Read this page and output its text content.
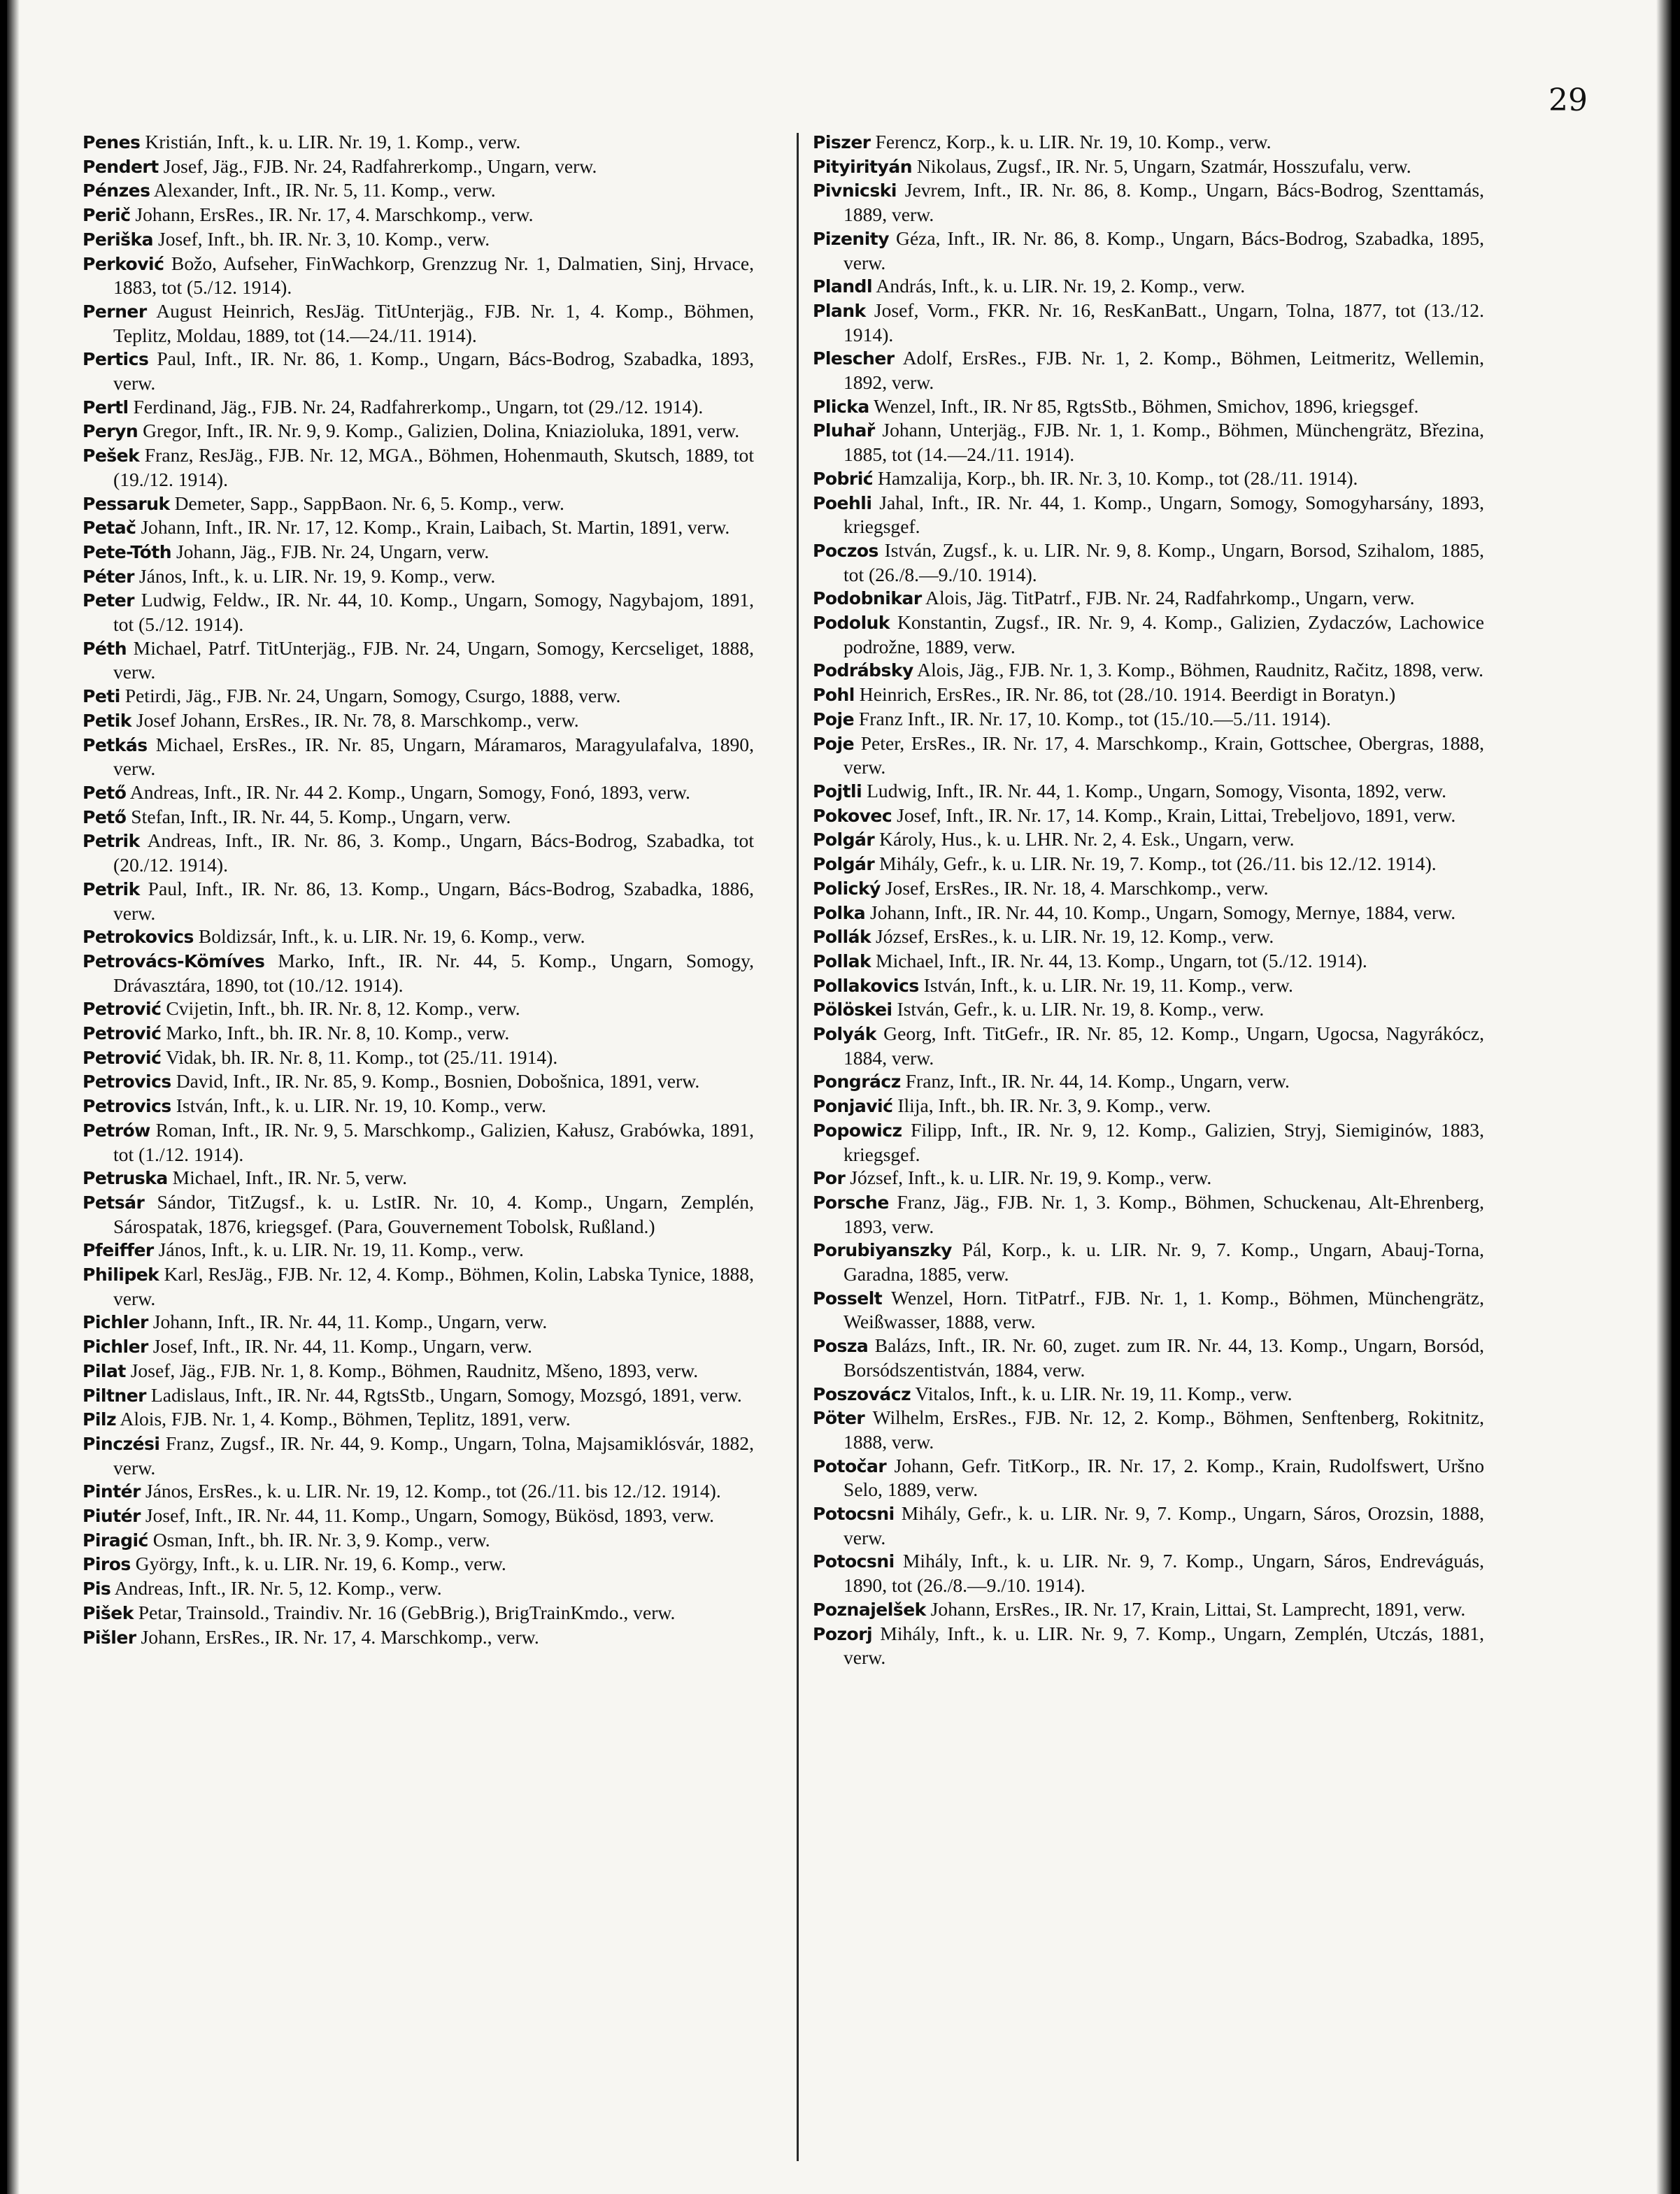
29

Penes Kristián, Inft., k. u. LIR. Nr. 19, 1. Komp., verw.

Pendert Josef, Jäg., FJB. Nr. 24, Radfahrerkomp., Ungarn, verw.

Pénzes Alexander, Inft., IR. Nr. 5, 11. Komp., verw.

Perič Johann, ErsRes., IR. Nr. 17, 4. Marschkomp., verw.

Periška Josef, Inft., bh. IR. Nr. 3, 10. Komp., verw.

Perković Božo, Aufseher, FinWachkorp, Grenzzug Nr. 1, Dalmatien, Sinj, Hrvace, 1883, tot (5./12. 1914).

Perner August Heinrich, ResJäg. TitUnterjäg., FJB. Nr. 1, 4. Komp., Böhmen, Teplitz, Moldau, 1889, tot (14.—24./11. 1914).

Pertics Paul, Inft., IR. Nr. 86, 1. Komp., Ungarn, Bács-Bodrog, Szabadka, 1893, verw.

Pertl Ferdinand, Jäg., FJB. Nr. 24, Radfahrerkomp., Ungarn, tot (29./12. 1914).

Peryn Gregor, Inft., IR. Nr. 9, 9. Komp., Galizien, Dolina, Kniazioluka, 1891, verw.

Pešek Franz, ResJäg., FJB. Nr. 12, MGA., Böhmen, Hohenmauth, Skutsch, 1889, tot (19./12. 1914).

Pessaruk Demeter, Sapp., SappBaon. Nr. 6, 5. Komp., verw.

Petač Johann, Inft., IR. Nr. 17, 12. Komp., Krain, Laibach, St. Martin, 1891, verw.

Pete-Tóth Johann, Jäg., FJB. Nr. 24, Ungarn, verw.

Péter János, Inft., k. u. LIR. Nr. 19, 9. Komp., verw.

Peter Ludwig, Feldw., IR. Nr. 44, 10. Komp., Ungarn, Somogy, Nagybajom, 1891, tot (5./12. 1914).

Péth Michael, Patrf. TitUnterjäg., FJB. Nr. 24, Ungarn, Somogy, Kercseliget, 1888, verw.

Peti Petirdi, Jäg., FJB. Nr. 24, Ungarn, Somogy, Csurgo, 1888, verw.

Petik Josef Johann, ErsRes., IR. Nr. 78, 8. Marschkomp., verw.

Petkás Michael, ErsRes., IR. Nr. 85, Ungarn, Máramaros, Maragyulafalva, 1890, verw.

Pető Andreas, Inft., IR. Nr. 44 2. Komp., Ungarn, Somogy, Fonó, 1893, verw.

Pető Stefan, Inft., IR. Nr. 44, 5. Komp., Ungarn, verw.

Petrik Andreas, Inft., IR. Nr. 86, 3. Komp., Ungarn, Bács-Bodrog, Szabadka, tot (20./12. 1914).

Petrik Paul, Inft., IR. Nr. 86, 13. Komp., Ungarn, Bács-Bodrog, Szabadka, 1886, verw.

Petrokovics Boldizsár, Inft., k. u. LIR. Nr. 19, 6. Komp., verw.

Petrovács-Kömíves Marko, Inft., IR. Nr. 44, 5. Komp., Ungarn, Somogy, Drávasztára, 1890, tot (10./12. 1914).

Petrović Cvijetin, Inft., bh. IR. Nr. 8, 12. Komp., verw.

Petrović Marko, Inft., bh. IR. Nr. 8, 10. Komp., verw.

Petrović Vidak, bh. IR. Nr. 8, 11. Komp., tot (25./11. 1914).

Petrovics David, Inft., IR. Nr. 85, 9. Komp., Bosnien, Dobošnica, 1891, verw.

Petrovics István, Inft., k. u. LIR. Nr. 19, 10. Komp., verw.

Petrów Roman, Inft., IR. Nr. 9, 5. Marschkomp., Galizien, Kałusz, Grabówka, 1891, tot (1./12. 1914).

Petruska Michael, Inft., IR. Nr. 5, verw.

Petsár Sándor, TitZugsf., k. u. LstIR. Nr. 10, 4. Komp., Ungarn, Zemplén, Sárospatak, 1876, kriegsgef. (Para, Gouvernement Tobolsk, Rußland.)

Pfeiffer János, Inft., k. u. LIR. Nr. 19, 11. Komp., verw.

Philipek Karl, ResJäg., FJB. Nr. 12, 4. Komp., Böhmen, Kolin, Labska Tynice, 1888, verw.

Pichler Johann, Inft., IR. Nr. 44, 11. Komp., Ungarn, verw.

Pichler Josef, Inft., IR. Nr. 44, 11. Komp., Ungarn, verw.

Pilat Josef, Jäg., FJB. Nr. 1, 8. Komp., Böhmen, Raudnitz, Mšeno, 1893, verw.

Piltner Ladislaus, Inft., IR. Nr. 44, RgtsStb., Ungarn, Somogy, Mozsgó, 1891, verw.

Pilz Alois, FJB. Nr. 1, 4. Komp., Böhmen, Teplitz, 1891, verw.

Pinczési Franz, Zugsf., IR. Nr. 44, 9. Komp., Ungarn, Tolna, Majsamiklósvár, 1882, verw.

Pintér János, ErsRes., k. u. LIR. Nr. 19, 12. Komp., tot (26./11. bis 12./12. 1914).

Piutér Josef, Inft., IR. Nr. 44, 11. Komp., Ungarn, Somogy, Bükösd, 1893, verw.

Piragić Osman, Inft., bh. IR. Nr. 3, 9. Komp., verw.

Piros György, Inft., k. u. LIR. Nr. 19, 6. Komp., verw.

Pis Andreas, Inft., IR. Nr. 5, 12. Komp., verw.

Pišek Petar, Trainsold., Traindiv. Nr. 16 (GebBrig.), BrigTrainKmdo., verw.

Pišler Johann, ErsRes., IR. Nr. 17, 4. Marschkomp., verw.

Piszer Ferencz, Korp., k. u. LIR. Nr. 19, 10. Komp., verw.

Pityirityán Nikolaus, Zugsf., IR. Nr. 5, Ungarn, Szatmár, Hosszufalu, verw.

Pivnicski Jevrem, Inft., IR. Nr. 86, 8. Komp., Ungarn, Bács-Bodrog, Szenttamás, 1889, verw.

Pizenity Géza, Inft., IR. Nr. 86, 8. Komp., Ungarn, Bács-Bodrog, Szabadka, 1895, verw.

Plandl András, Inft., k. u. LIR. Nr. 19, 2. Komp., verw.

Plank Josef, Vorm., FKR. Nr. 16, ResKanBatt., Ungarn, Tolna, 1877, tot (13./12. 1914).

Plescher Adolf, ErsRes., FJB. Nr. 1, 2. Komp., Böhmen, Leitmeritz, Wellemin, 1892, verw.

Plicka Wenzel, Inft., IR. Nr 85, RgtsStb., Böhmen, Smichov, 1896, kriegsgef.

Pluhař Johann, Unterjäg., FJB. Nr. 1, 1. Komp., Böhmen, Münchengrätz, Březina, 1885, tot (14.—24./11. 1914).

Pobrić Hamzalija, Korp., bh. IR. Nr. 3, 10. Komp., tot (28./11. 1914).

Poehli Jahal, Inft., IR. Nr. 44, 1. Komp., Ungarn, Somogy, Somogyharsány, 1893, kriegsgef.

Poczos István, Zugsf., k. u. LIR. Nr. 9, 8. Komp., Ungarn, Borsod, Szihalom, 1885, tot (26./8.—9./10. 1914).

Podobnikar Alois, Jäg. TitPatrf., FJB. Nr. 24, Radfahrkomp., Ungarn, verw.

Podoluk Konstantin, Zugsf., IR. Nr. 9, 4. Komp., Galizien, Zydaczów, Lachowice podrožne, 1889, verw.

Podrábsky Alois, Jäg., FJB. Nr. 1, 3. Komp., Böhmen, Raudnitz, Račitz, 1898, verw.

Pohl Heinrich, ErsRes., IR. Nr. 86, tot (28./10. 1914. Beerdigt in Boratyn.)

Poje Franz Inft., IR. Nr. 17, 10. Komp., tot (15./10.—5./11. 1914).

Poje Peter, ErsRes., IR. Nr. 17, 4. Marschkomp., Krain, Gottschee, Obergras, 1888, verw.

Pojtli Ludwig, Inft., IR. Nr. 44, 1. Komp., Ungarn, Somogy, Visonta, 1892, verw.

Pokovec Josef, Inft., IR. Nr. 17, 14. Komp., Krain, Littai, Trebeljovo, 1891, verw.

Polgár Károly, Hus., k. u. LHR. Nr. 2, 4. Esk., Ungarn, verw.

Polgár Mihály, Gefr., k. u. LIR. Nr. 19, 7. Komp., tot (26./11. bis 12./12. 1914).

Polický Josef, ErsRes., IR. Nr. 18, 4. Marschkomp., verw.

Polka Johann, Inft., IR. Nr. 44, 10. Komp., Ungarn, Somogy, Mernye, 1884, verw.

Pollák József, ErsRes., k. u. LIR. Nr. 19, 12. Komp., verw.

Pollak Michael, Inft., IR. Nr. 44, 13. Komp., Ungarn, tot (5./12. 1914).

Pollakovics István, Inft., k. u. LIR. Nr. 19, 11. Komp., verw.

Pölöskei István, Gefr., k. u. LIR. Nr. 19, 8. Komp., verw.

Polyák Georg, Inft. TitGefr., IR. Nr. 85, 12. Komp., Ungarn, Ugocsa, Nagyrákócz, 1884, verw.

Pongrácz Franz, Inft., IR. Nr. 44, 14. Komp., Ungarn, verw.

Ponjavić Ilija, Inft., bh. IR. Nr. 3, 9. Komp., verw.

Popowicz Filipp, Inft., IR. Nr. 9, 12. Komp., Galizien, Stryj, Siemiginów, 1883, kriegsgef.

Por József, Inft., k. u. LIR. Nr. 19, 9. Komp., verw.

Porsche Franz, Jäg., FJB. Nr. 1, 3. Komp., Böhmen, Schuckenau, Alt-Ehrenberg, 1893, verw.

Porubiyanszky Pál, Korp., k. u. LIR. Nr. 9, 7. Komp., Ungarn, Abauj-Torna, Garadna, 1885, verw.

Posselt Wenzel, Horn. TitPatrf., FJB. Nr. 1, 1. Komp., Böhmen, Münchengrätz, Weißwasser, 1888, verw.

Posza Balázs, Inft., IR. Nr. 60, zuget. zum IR. Nr. 44, 13. Komp., Ungarn, Borsód, Borsódszentistván, 1884, verw.

Poszovácz Vitalos, Inft., k. u. LIR. Nr. 19, 11. Komp., verw.

Pöter Wilhelm, ErsRes., FJB. Nr. 12, 2. Komp., Böhmen, Senftenberg, Rokitnitz, 1888, verw.

Potočar Johann, Gefr. TitKorp., IR. Nr. 17, 2. Komp., Krain, Rudolfswert, Uršno Selo, 1889, verw.

Potocsni Mihály, Gefr., k. u. LIR. Nr. 9, 7. Komp., Ungarn, Sáros, Orozsin, 1888, verw.

Potocsni Mihály, Inft., k. u. LIR. Nr. 9, 7. Komp., Ungarn, Sáros, Endreváguás, 1890, tot (26./8.—9./10. 1914).

Poznajelšek Johann, ErsRes., IR. Nr. 17, Krain, Littai, St. Lamprecht, 1891, verw.

Pozorj Mihály, Inft., k. u. LIR. Nr. 9, 7. Komp., Ungarn, Zemplén, Utczás, 1881, verw.
